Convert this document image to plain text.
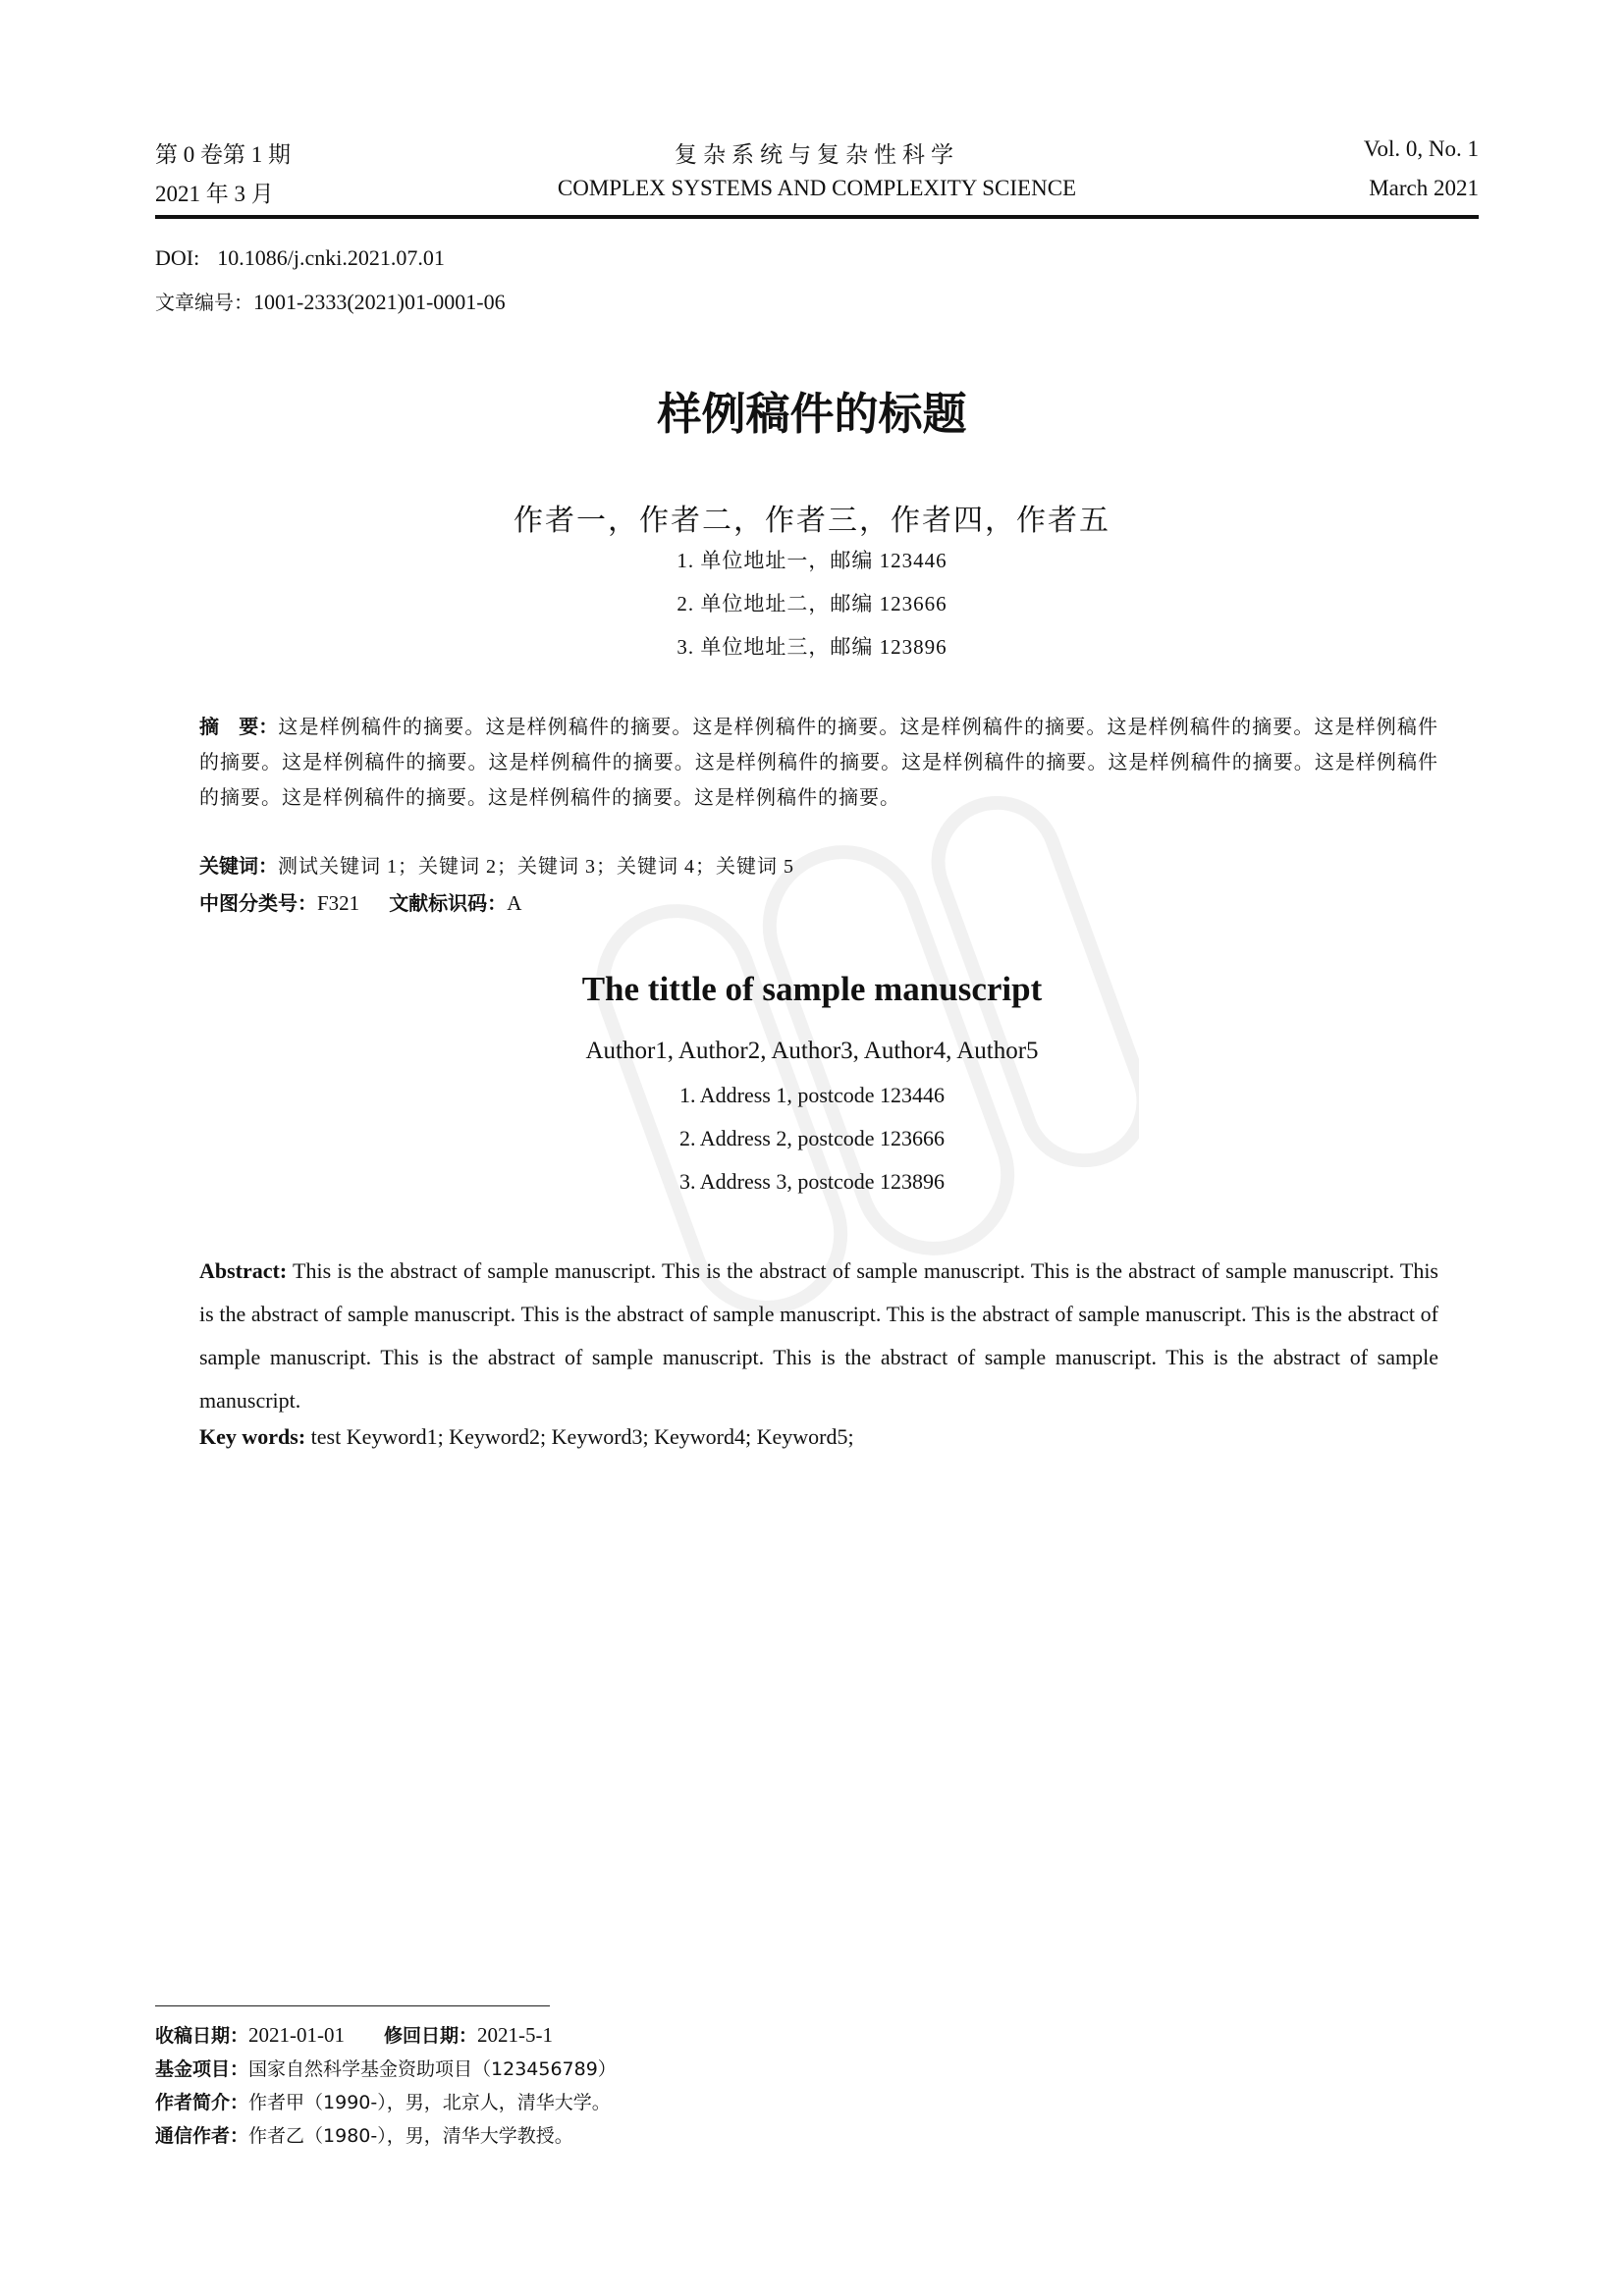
第 0 卷第 1 期	复杂系统与复杂性科学	Vol. 0, No. 1
2021 年 3 月	COMPLEX SYSTEMS AND COMPLEXITY SCIENCE	March 2021
DOI: 10.1086/j.cnki.2021.07.01
文章编号：1001-2333(2021)01-0001-06
样例稿件的标题
作者一，作者二，作者三，作者四，作者五
1. 单位地址一，邮编 123446
2. 单位地址二，邮编 123666
3. 单位地址三，邮编 123896
摘　要：这是样例稿件的摘要。这是样例稿件的摘要。这是样例稿件的摘要。这是样例稿件的摘要。这是样例稿件的摘要。这是样例稿件的摘要。这是样例稿件的摘要。这是样例稿件的摘要。这是样例稿件的摘要。这是样例稿件的摘要。这是样例稿件的摘要。这是样例稿件的摘要。这是样例稿件的摘要。这是样例稿件的摘要。这是样例稿件的摘要。
关键词：测试关键词 1；关键词 2；关键词 3；关键词 4；关键词 5
中图分类号：F321 文献标识码：A
The tittle of sample manuscript
Author1, Author2, Author3, Author4, Author5
1. Address 1, postcode 123446
2. Address 2, postcode 123666
3. Address 3, postcode 123896
Abstract: This is the abstract of sample manuscript. This is the abstract of sample manuscript. This is the abstract of sample manuscript. This is the abstract of sample manuscript. This is the abstract of sample manuscript. This is the abstract of sample manuscript. This is the abstract of sample manuscript. This is the abstract of sample manuscript. This is the abstract of sample manuscript. This is the abstract of sample manuscript.
Key words: test Keyword1; Keyword2; Keyword3; Keyword4; Keyword5;
收稿日期：2021-01-01 修回日期：2021-5-1
基金项目：国家自然科学基金资助项目（123456789）
作者简介：作者甲（1990-），男，北京人，清华大学。
通信作者：作者乙（1980-），男，清华大学教授。
